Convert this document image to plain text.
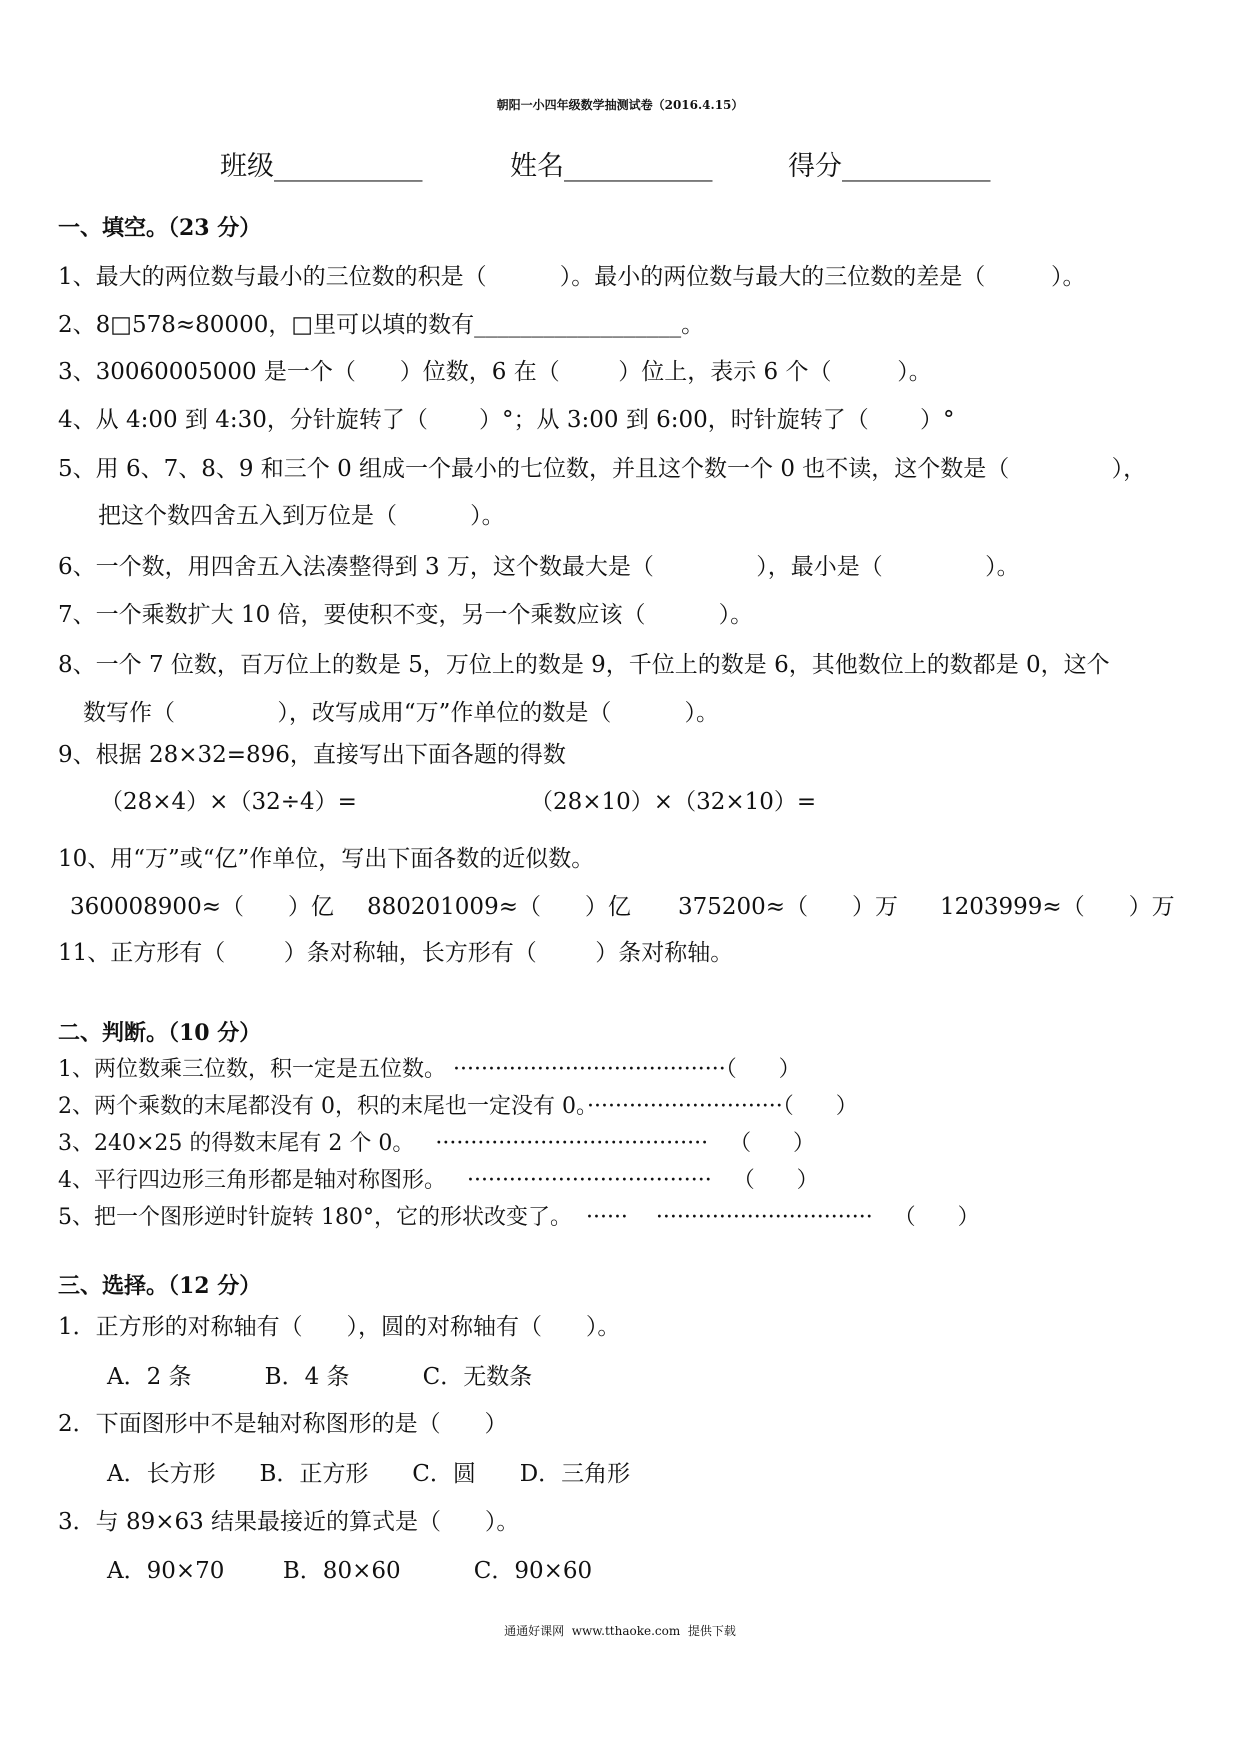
朝阳一小四年级数学抽测试卷（2016.4.15）
班级___________	姓名___________	得分___________
一、填空。（23 分）
1、最大的两位数与最小的三位数的积是（          ）。最小的两位数与最大的三位数的差是（         ）。
2、8□578≈80000，□里可以填的数有__________________。
3、30060005000 是一个（      ）位数，6 在（        ）位上，表示 6 个（         ）。
4、从 4:00 到 4:30，分针旋转了（       ）°；从 3:00 到 6:00，时针旋转了（       ）°
5、用 6、7、8、9 和三个 0 组成一个最小的七位数，并且这个数一个 0 也不读，这个数是（              ），
把这个数四舍五入到万位是（          ）。
6、一个数，用四舍五入法凑整得到 3 万，这个数最大是（              ），最小是（              ）。
7、一个乘数扩大 10 倍，要使积不变，另一个乘数应该（          ）。
8、一个 7 位数，百万位上的数是 5，万位上的数是 9，千位上的数是 6，其他数位上的数都是 0，这个
数写作（              ），改写成用“万”作单位的数是（          ）。
9、根据 28×32=896，直接写出下面各题的得数
（28×4）×（32÷4）=	（28×10）×（32×10）=
10、用“万”或“亿”作单位，写出下面各数的近似数。
360008900≈（      ）亿 880201009≈（      ）亿 375200≈（      ）万 1203999≈（      ）万
11、正方形有（        ）条对称轴，长方形有（        ）条对称轴。
二、判断。（10 分）
1、两位数乘三位数，积一定是五位数。 ·······································（      ）
2、两个乘数的末尾都没有 0，积的末尾也一定没有 0。····························（      ）
3、240×25 的得数末尾有 2 个 0。   ·······································   （      ）
4、平行四边形三角形都是轴对称图形。   ···································   （      ）
5、把一个图形逆时针旋转 180°，它的形状改变了。  ······    ·······························   （      ）
三、选择。（12 分）
1．正方形的对称轴有（      ），圆的对称轴有（      ）。
A．2 条          B．4 条          C．无数条
2．下面图形中不是轴对称图形的是（      ）
A．长方形      B．正方形      C．圆      D．三角形
3．与 89×63 结果最接近的算式是（      ）。
A．90×70        B．80×60          C．90×60
通通好课网  www.tthaoke.com  提供下载
